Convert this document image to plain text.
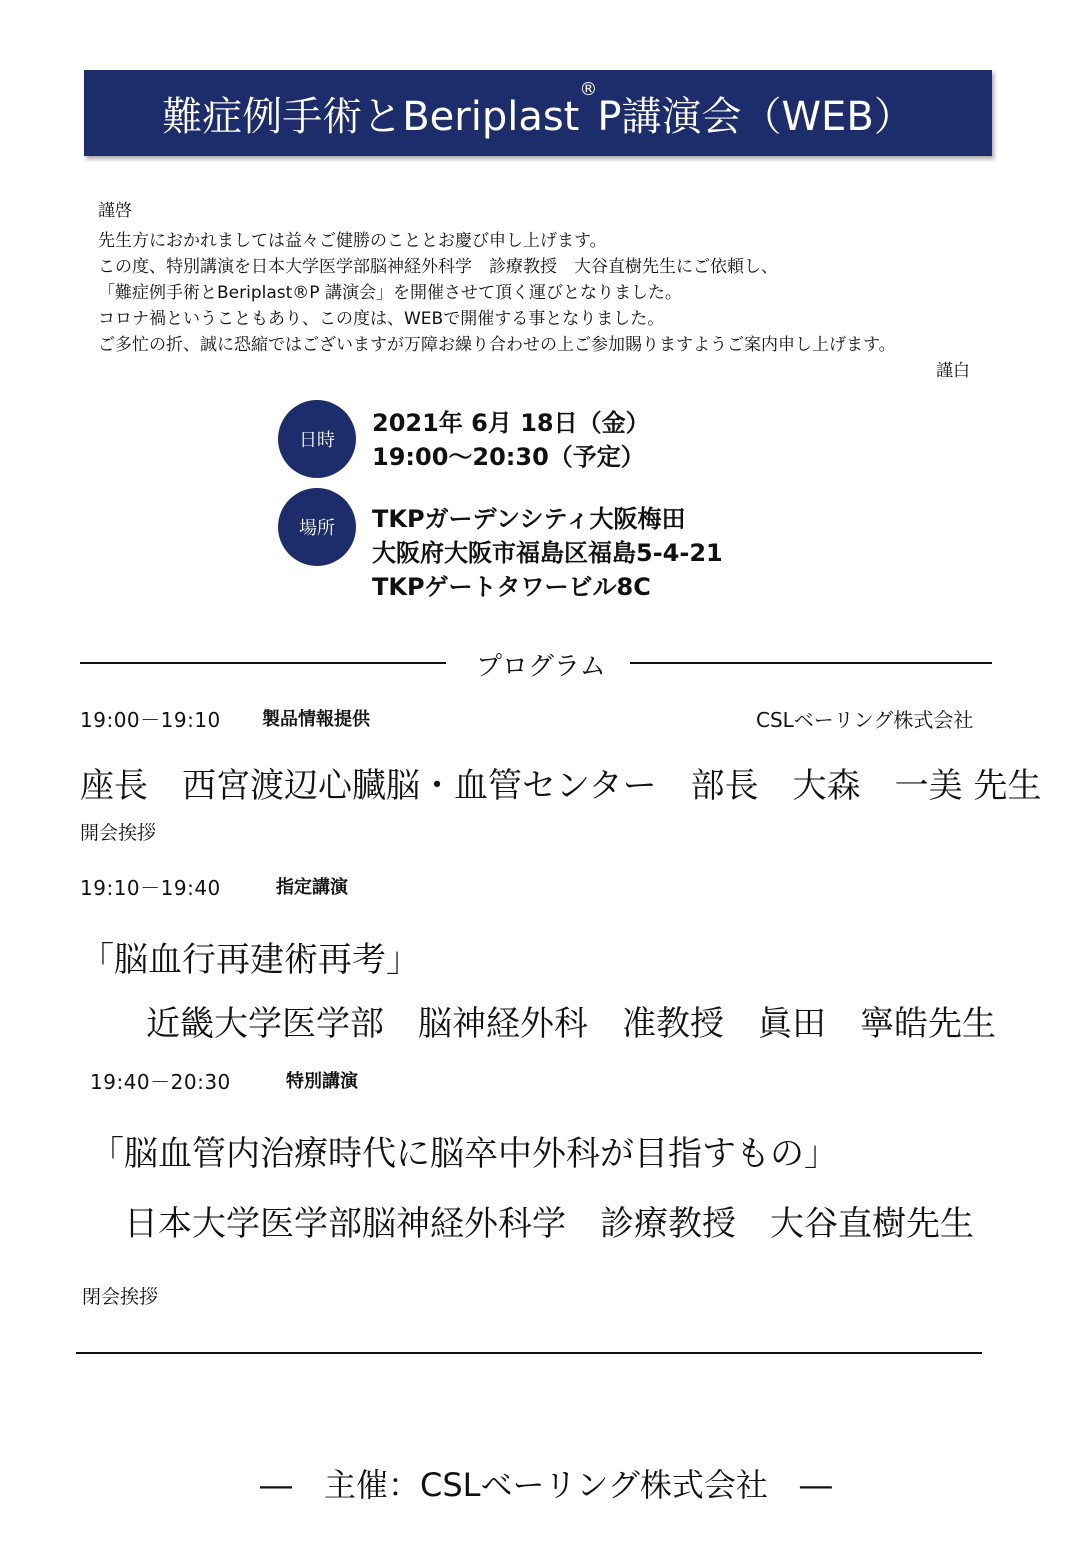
難症例手術とBeriplast®P講演会（WEB）
謹啓
先生方におかれましては益々ご健勝のこととお慶び申し上げます。
この度、特別講演を日本大学医学部脳神経外科学　診療教授　大谷直樹先生にご依頼し、
「難症例手術とBeriplast®P 講演会」を開催させて頂く運びとなりました。
コロナ禍ということもあり、この度は、WEBで開催する事となりました。
ご多忙の折、誠に恐縮ではございますが万障お繰り合わせの上ご参加賜りますようご案内申し上げます。
謹白
日時
2021年 6月 18日（金）
19:00～20:30（予定）
場所 TKPガーデンシティ大阪梅田
大阪府大阪市福島区福島5-4-21
TKPゲートタワービル8C
プログラム
19:00－19:10 製品情報提供	CSLベーリング株式会社
座長　西宮渡辺心臓脳・血管センター　部長　大森　一美 先生
開会挨拶
19:10－19:40	指定講演
「脳血行再建術再考」
近畿大学医学部　脳神経外科　准教授　眞田　寧皓先生
19:40－20:30	特別講演
「脳血管内治療時代に脳卒中外科が目指すもの」
日本大学医学部脳神経外科学　診療教授　大谷直樹先生
閉会挨拶
―　主催：CSLベーリング株式会社　―
